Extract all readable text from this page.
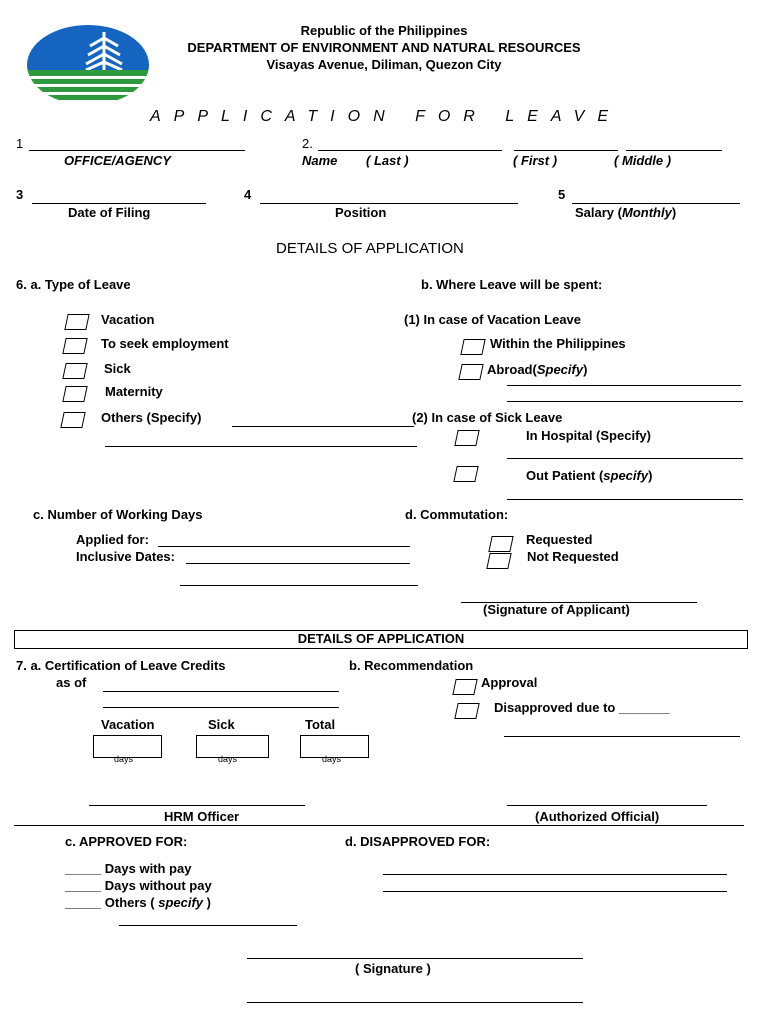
Republic of the Philippines
DEPARTMENT OF ENVIRONMENT AND NATURAL RESOURCES
Visayas Avenue, Diliman, Quezon City
APPLICATION FOR LEAVE
1
OFFICE/AGENCY
2.
Name ( Last )	( First )	( Middle )
3
Date of Filing
4
Position
5
Salary (Monthly)
DETAILS OF APPLICATION
6. a. Type of Leave
Vacation
To seek employment
Sick
Maternity
Others (Specify)
b. Where Leave will be spent:
(1) In case of Vacation Leave
Within the Philippines
Abroad(Specify)
(2) In case of Sick Leave
In Hospital (Specify)
Out Patient (specify)
c. Number of Working Days
Applied for:
Inclusive Dates:
d. Commutation:
Requested
Not Requested
(Signature of Applicant)
DETAILS OF APPLICATION
7. a. Certification of Leave Credits
as of
Vacation	Sick	Total
days	days	days
HRM Officer
b. Recommendation
Approval
Disapproved due to _______
(Authorized Official)
c. APPROVED FOR:
_____ Days with pay
_____ Days without pay
_____ Others ( specify )
d. DISAPPROVED FOR:
( Signature )
